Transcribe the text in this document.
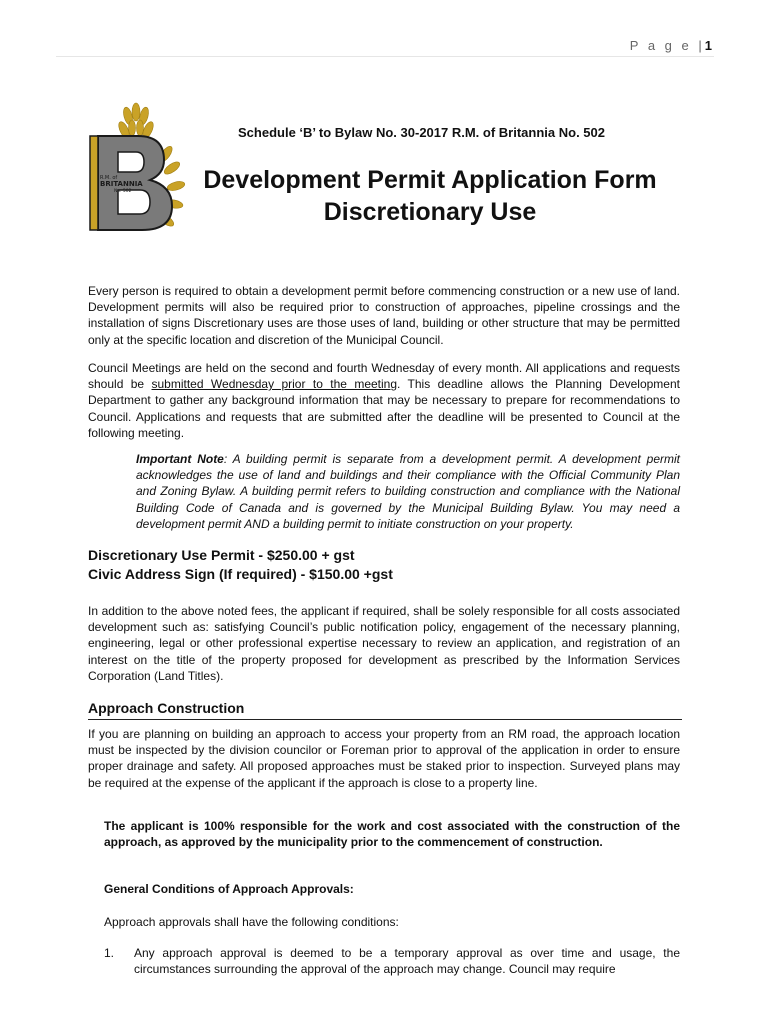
P a g e |1
R.M. of
BRITANNIA
No. 502
Schedule ‘B’ to Bylaw No. 30-2017 R.M. of Britannia No. 502
Development Permit Application Form
Discretionary Use
Every person is required to obtain a development permit before commencing construction or a new use of land. Development permits will also be required prior to construction of approaches, pipeline crossings and the installation of signs Discretionary uses are those uses of land, building or other structure that may be permitted only at the specific location and discretion of the Municipal Council.
Council Meetings are held on the second and fourth Wednesday of every month. All applications and requests should be submitted Wednesday prior to the meeting. This deadline allows the Planning Development Department to gather any background information that may be necessary to prepare for recommendations to Council. Applications and requests that are submitted after the deadline will be presented to Council at the following meeting.
Important Note: A building permit is separate from a development permit. A development permit acknowledges the use of land and buildings and their compliance with the Official Community Plan and Zoning Bylaw. A building permit refers to building construction and compliance with the National Building Code of Canada and is governed by the Municipal Building Bylaw. You may need a development permit AND a building permit to initiate construction on your property.
Discretionary Use Permit - $250.00 + gst
Civic Address Sign (If required) - $150.00 +gst
In addition to the above noted fees, the applicant if required, shall be solely responsible for all costs associated development such as: satisfying Council’s public notification policy, engagement of the necessary planning, engineering, legal or other professional expertise necessary to review an application, and registration of an interest on the title of the property proposed for development as prescribed by the Information Services Corporation (Land Titles).
Approach Construction
If you are planning on building an approach to access your property from an RM road, the approach location must be inspected by the division councilor or Foreman prior to approval of the application in order to ensure proper drainage and safety. All proposed approaches must be staked prior to inspection. Surveyed plans may be required at the expense of the applicant if the approach is close to a property line.
The applicant is 100% responsible for the work and cost associated with the construction of the approach, as approved by the municipality prior to the commencement of construction.
General Conditions of Approach Approvals:
Approach approvals shall have the following conditions:
1. Any approach approval is deemed to be a temporary approval as over time and usage, the circumstances surrounding the approval of the approach may change. Council may require
